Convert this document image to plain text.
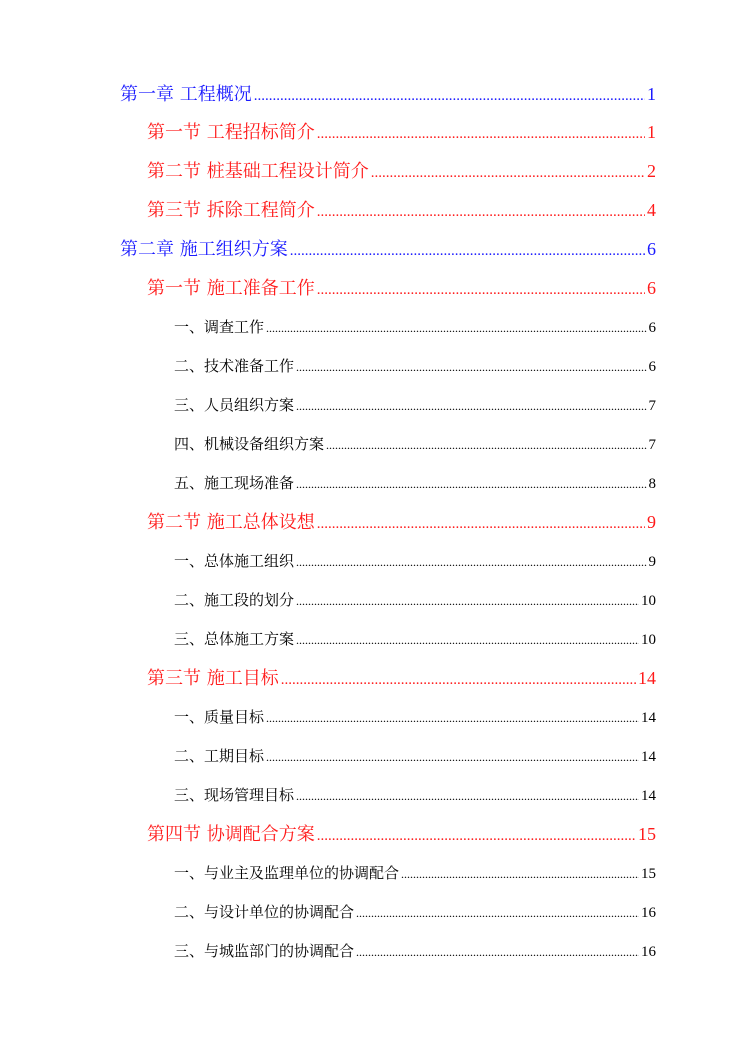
第一章 工程概况 .....	1
第一节 工程招标简介 .....	1
第二节 桩基础工程设计简介 .....	2
第三节 拆除工程简介 .....	4
第二章 施工组织方案 .....	6
第一节 施工准备工作 .....	6
一、调查工作 .....	6
二、技术准备工作 .....	6
三、人员组织方案 .....	7
四、机械设备组织方案 .....	7
五、施工现场准备 .....	8
第二节 施工总体设想 .....	9
一、总体施工组织 .....	9
二、施工段的划分 .....	10
三、总体施工方案 .....	10
第三节 施工目标 .....	14
一、质量目标 .....	14
二、工期目标 .....	14
三、现场管理目标 .....	14
第四节 协调配合方案 .....	15
一、与业主及监理单位的协调配合 .....	15
二、与设计单位的协调配合 .....	16
三、与城监部门的协调配合 .....	16
